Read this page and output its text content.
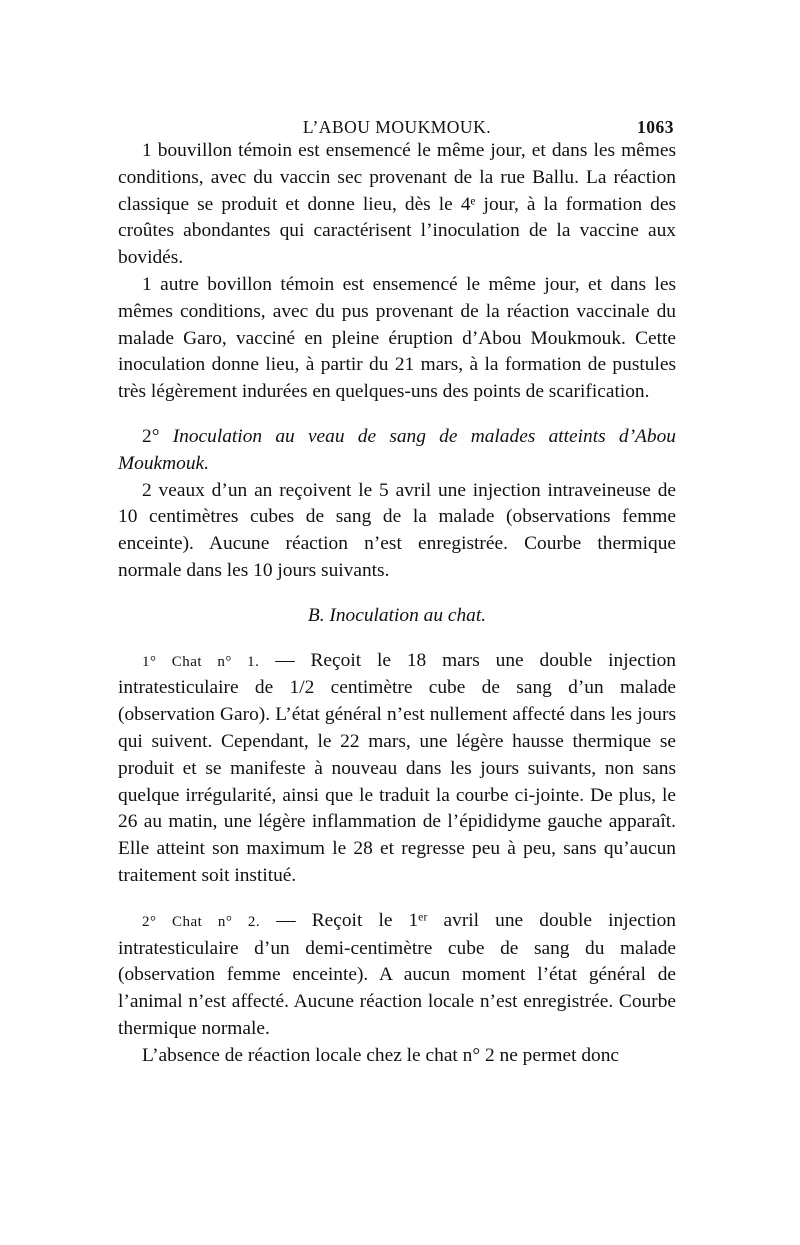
L’ABOU MOUKMOUK.	1063

1 bouvillon témoin est ensemencé le même jour, et dans les mêmes conditions, avec du vaccin sec provenant de la rue Ballu. La réaction classique se produit et donne lieu, dès le 4ᵉ jour, à la formation des croûtes abondantes qui caractérisent l’inoculation de la vaccine aux bovidés.

1 autre bovillon témoin est ensemencé le même jour, et dans les mêmes conditions, avec du pus provenant de la réaction vaccinale du malade Garo, vacciné en pleine éruption d’Abou Moukmouk. Cette inoculation donne lieu, à partir du 21 mars, à la formation de pustules très légèrement indurées en quelques-uns des points de scarification.

2° Inoculation au veau de sang de malades atteints d’Abou Moukmouk.

2 veaux d’un an reçoivent le 5 avril une injection intraveineuse de 10 centimètres cubes de sang de la malade (observations femme enceinte). Aucune réaction n’est enregistrée. Courbe thermique normale dans les 10 jours suivants.

B. Inoculation au chat.

1° Chat n° 1. — Reçoit le 18 mars une double injection intratesticulaire de 1/2 centimètre cube de sang d’un malade (observation Garo). L’état général n’est nullement affecté dans les jours qui suivent. Cependant, le 22 mars, une légère hausse thermique se produit et se manifeste à nouveau dans les jours suivants, non sans quelque irrégularité, ainsi que le traduit la courbe ci-jointe. De plus, le 26 au matin, une légère inflammation de l’épididyme gauche apparaît. Elle atteint son maximum le 28 et regresse peu à peu, sans qu’aucun traitement soit institué.

2° Chat n° 2. — Reçoit le 1ᵉʳ avril une double injection intratesticulaire d’un demi-centimètre cube de sang du malade (observation femme enceinte). A aucun moment l’état général de l’animal n’est affecté. Aucune réaction locale n’est enregistrée. Courbe thermique normale.

L’absence de réaction locale chez le chat n° 2 ne permet donc
